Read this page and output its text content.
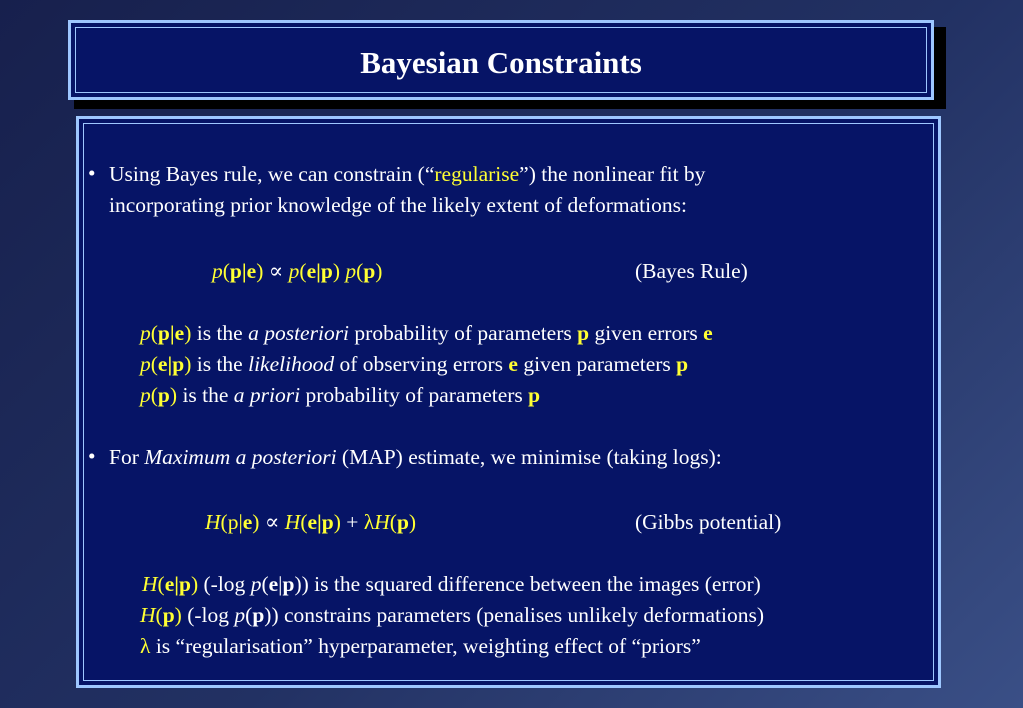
Bayesian Constraints
• Using Bayes rule, we can constrain (“regularise”) the nonlinear fit by
incorporating prior knowledge of the likely extent of deformations:
p(p|e) ∝ p(e|p) p(p)	(Bayes Rule)
p(p|e) is the a posteriori probability of parameters p given errors e
p(e|p) is the likelihood of observing errors e given parameters p
p(p) is the a priori probability of parameters p
• For Maximum a posteriori (MAP) estimate, we minimise (taking logs):
H(p|e) ∝ H(e|p) + λH(p)	(Gibbs potential)
H(e|p) (-log p(e|p)) is the squared difference between the images (error)
H(p) (-log p(p)) constrains parameters (penalises unlikely deformations)
λ is “regularisation” hyperparameter, weighting effect of “priors”
